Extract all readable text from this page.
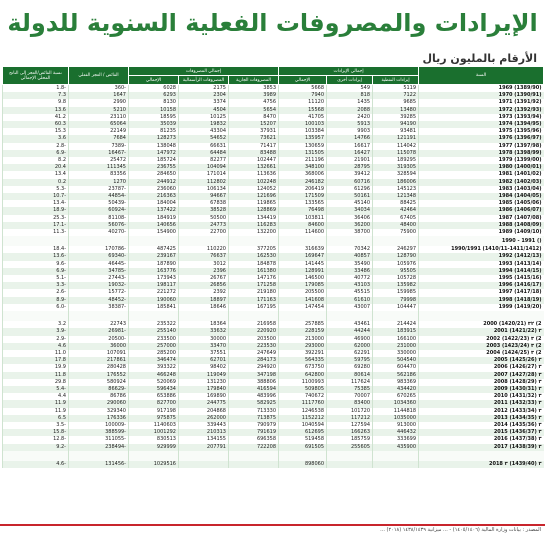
الإيرادات والمصروفات الفعلية السنوية للدولة
الأرقام بالمليون ريال
نسبة الفائض/العجز إلى الناتج المحلي الإجمالي	الفائض / العجز الفعلي	إجمالي المصروفات			إجمالي الإيرادات			السنة
		الإجمالي	المصروفات الرأسمالية	المصروفات الجارية	الإجمالي	إيرادات أخرى	إيرادات النفطية	
1.8-	360-	6028	2175	3853	5668	549	5119	1969 (1389/90)
7.3	1647	6293	2304	3989	7940	818	7122	1970 (1390/91)
9.8	2990	8130	3374	4756	11120	1435	9685	1971 (1391/92)
13.6	5210	10158	4504	5654	15568	2088	13480	1972 (1392/93)
41.2	23110	18595	10125	8470	41705	2420	39285	1973 (1393/94)
60.3	65064	35039	19832	15207	100103	5913	94190	1974 (1394/95)
15.3	22149	81235	43304	37931	103384	9903	93481	1975 (1395/96)
3.6	7684	128273	54652	73621	135957	14766	121191	1976 (1396/97)
2.8-	7389-	138048	66631	71417	130659	16617	114042	1977 (1397/98)
6.9-	16467-	147972	64484	83488	131505	16427	115078	1978 (1398/99)
8.2	25472	185724	82277	102447	211196	21901	189295	1979 (1399/00)
20.4	111345	236755	104094	132661	348100	28795	319305	1980 (1400/01)
13.4	83356	284650	171014	113636	368006	39412	328594	1981 (1401/02)
0.2	1270	244912	112802	102248	246182	60716	186006	1982 (1402/03)
5.3-	23787-	236060	106134	124052	206419	61296	145123	1983 (1403/04)
10.7-	44854-	216363	94667	121696	171509	50161	121348	1984 (1404/05)
13.4-	50439-	184004	67838	119865	133565	45140	88425	1985 (1405/06)
18.9-	60924-	137422	38528	128869	76498	34034	42464	1986 (1406/07)
25.3-	81108-	184919	50500	134419	103811	36406	67405	1987 (1407/08)
17.1-	56076-	140656	24773	116283	84600	36200	48400	1988 (1408/09)
11.3-	40270-	154900	22700	132200	114600	38700	75900	1989 (1409/10)
								1990 - 1991 ()
18.4-	170786-	487425	110220	377205	316639	70342	246297	1990/1991 (1410/11-1411/1412)
13.6-	69340-	239167	76637	162530	169647	40857	128790	1992 (1412/13)
9.6-	46445-	187890	3012	184878	141445	35490	105976	1993 (1413/14)
6.9-	34785-	163776	2396	161380	128991	33486	95505	1994 (1414/15)
5.1-	27443-	173943	26767	147176	146500	40772	105728	1995 (1415/16)
3.3-	19032-	198117	26856	171258	179085	43103	135982	1996 (1416/17)
2.6-	15772-	221272	2392	219180	205500	45515	159985	1997 (1417/18)
8.9-	48452-	190060	18897	171163	141608	61610	79998	1998 (1418/19)
6.0-	38387-	185841	18646	167195	147454	43007	104447	1999 (1419/20)

3.2	22743	235322	18364	216958	257885	43461	214424	2000 (1420/21) ٣٢ (2
3.9-	26981-	255140	33632	220920	228159	44244	183915	2001 (1421/22) ٣
2.9-	20500-	233500	30000	203500	213000	46900	166100	2002 (1422/23) ٣ (2
4.6	36000	257000	33470	223530	293000	62000	231000	2003 (1423/24) ٣ (2
11.0	107091	285200	37551	247649	392291	62291	330000	2004 (1424/25) ٣ (2
17.8	217861	346474	62701	284173	564335	59795	504540	2005 (1425/26) ٣
19.9	280428	393322	98402	294920	673750	69280	604470	2006 (1426/27) ٣
11.8	176552	466248	119049	347198	642800	80614	562186	2007 (1427/28) ٣
29.8	580924	520069	131230	388806	1100993	117624	983369	2008 (1428/29) ٣
5.4-	86629-	596434	179840	416594	509805	75385	434420	2009 (1430/31) ٣
4.4	86786	653886	169890	483996	740672	70007	670265	2010 (1431/32) ٣
11.9	290060	827700	244775	582925	1117760	83400	1034360	2011 (1432/33) ٣
11.9	329340	917198	204868	713330	1246538	101720	1144818	2012 (1433/34) ٣
6.5	176336	975875	262000	713875	1152212	117212	1035000	2013 (1434/35) ٣
3.5-	100009-	1140603	339443	790979	1040594	127594	913000	2014 (1435/36) ٣
15.8-	388599-	1001292	210313	791619	612695	166263	446432	2015 (1436/37) ٣
12.8-	311055-	830513	134155	696358	519458	185759	333699	2016 (1437/38) ٣
9.2-	238494-	929999	207791	722208	691505	255605	435900	2017 (1438/39) ٣

4.6-	131456-	1029516			898060			2018 ٣ (1439/40) ٣
المصدر : بيانات وزارة المالية (١٤٠٥/١٤٠٦) - ... ميزانية ١٤٣٨/١٤٣٩ (٢٠١٨) ...
